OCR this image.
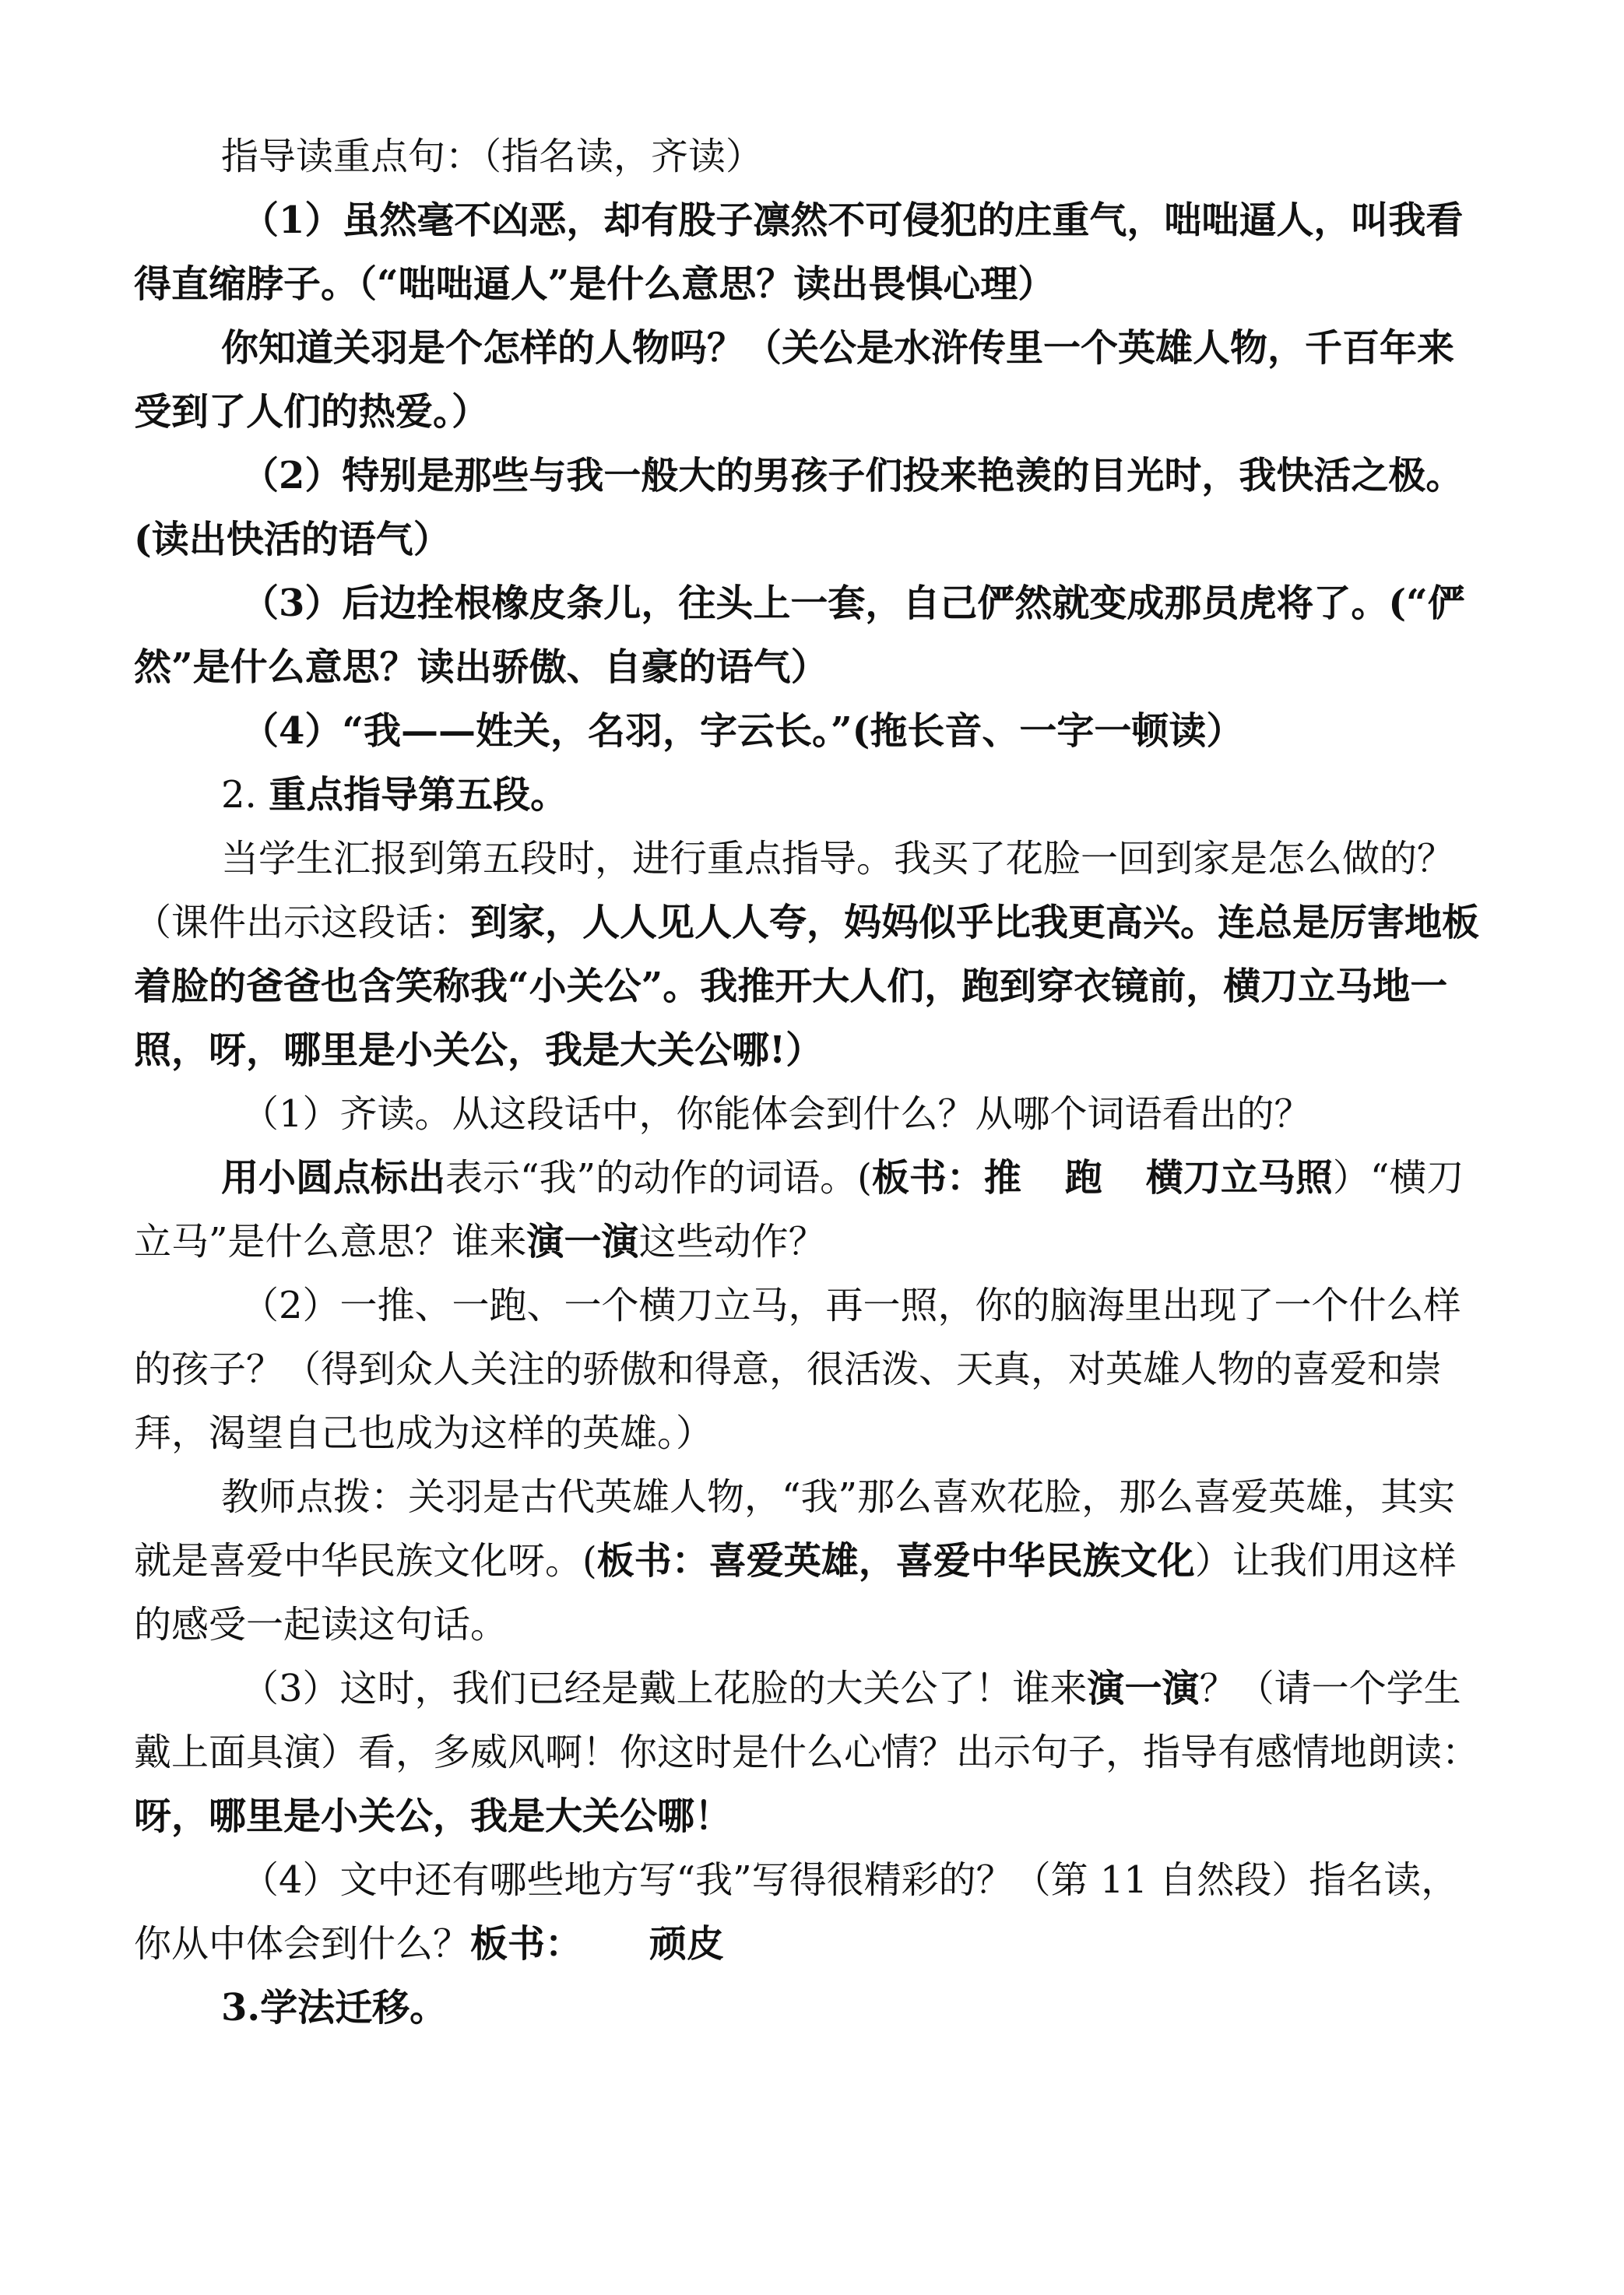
指导读重点句：（指名读，齐读）

（1）虽然毫不凶恶，却有股子凛然不可侵犯的庄重气，咄咄逼人，叫我看得直缩脖子。（“咄咄逼人”是什么意思？读出畏惧心理）

你知道关羽是个怎样的人物吗？（关公是水浒传里一个英雄人物，千百年来受到了人们的热爱。）

（2）特别是那些与我一般大的男孩子们投来艳羡的目光时，我快活之极。(读出快活的语气）

（3）后边拴根橡皮条儿，往头上一套，自己俨然就变成那员虎将了。(“俨然”是什么意思？读出骄傲、自豪的语气）

（4）“我——姓关，名羽，字云长。”(拖长音、一字一顿读）

2. 重点指导第五段。

当学生汇报到第五段时，进行重点指导。我买了花脸一回到家是怎么做的？（课件出示这段话：到家，人人见人人夸，妈妈似乎比我更高兴。连总是厉害地板着脸的爸爸也含笑称我“小关公”。我推开大人们，跑到穿衣镜前，横刀立马地一照，呀，哪里是小关公，我是大关公哪!）

（1）齐读。从这段话中，你能体会到什么？从哪个词语看出的？

用小圆点标出表示“我”的动作的词语。(板书：推 跑 横刀立马照）“横刀立马”是什么意思？谁来演一演这些动作？

（2）一推、一跑、一个横刀立马，再一照，你的脑海里出现了一个什么样的孩子？（得到众人关注的骄傲和得意，很活泼、天真，对英雄人物的喜爱和崇拜，渴望自己也成为这样的英雄。）

教师点拨：关羽是古代英雄人物，“我”那么喜欢花脸，那么喜爱英雄，其实就是喜爱中华民族文化呀。(板书：喜爱英雄，喜爱中华民族文化）让我们用这样的感受一起读这句话。

（3）这时，我们已经是戴上花脸的大关公了！谁来演一演？（请一个学生戴上面具演）看，多威风啊！你这时是什么心情？出示句子，指导有感情地朗读：呀，哪里是小关公，我是大关公哪！

（4）文中还有哪些地方写“我”写得很精彩的？（第 11 自然段）指名读，你从中体会到什么？板书： 顽皮

3.学法迁移。
